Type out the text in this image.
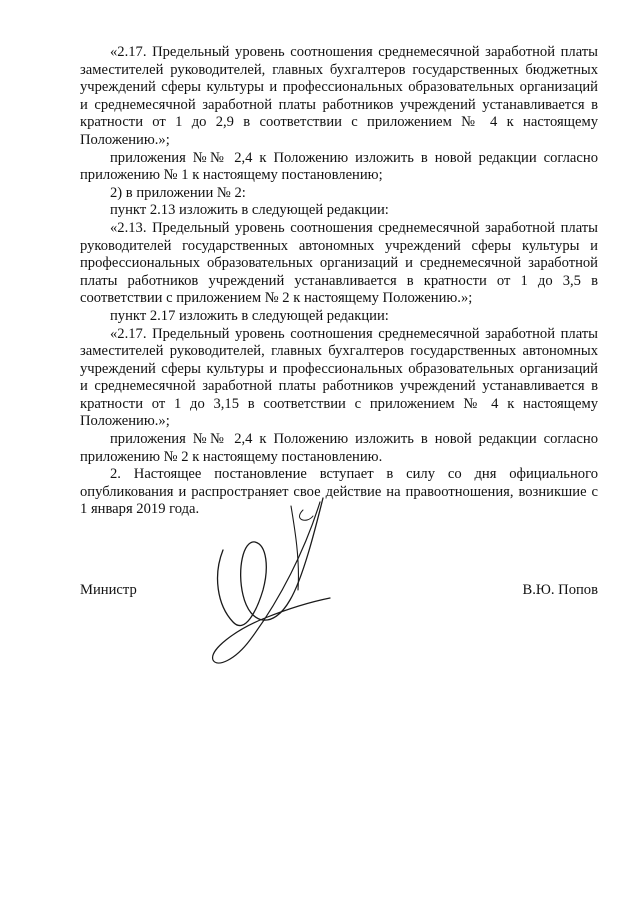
«2.17. Предельный уровень соотношения среднемесячной заработной платы заместителей руководителей, главных бухгалтеров государственных бюджетных учреждений сферы культуры и профессиональных образовательных организаций и среднемесячной заработной платы работников учреждений устанавливается в кратности от 1 до 2,9 в соответствии с приложением № 4 к настоящему Положению.»;

приложения №№ 2,4 к Положению изложить в новой редакции согласно приложению № 1 к настоящему постановлению;

2) в приложении № 2:

пункт 2.13 изложить в следующей редакции:

«2.13. Предельный уровень соотношения среднемесячной заработной платы руководителей государственных автономных учреждений сферы культуры и профессиональных образовательных организаций и среднемесячной заработной платы работников учреждений устанавливается в кратности от 1 до 3,5 в соответствии с приложением № 2 к настоящему Положению.»;

пункт 2.17 изложить в следующей редакции:

«2.17. Предельный уровень соотношения среднемесячной заработной платы заместителей руководителей, главных бухгалтеров государственных автономных учреждений сферы культуры и профессиональных образовательных организаций и среднемесячной заработной платы работников учреждений устанавливается в кратности от 1 до 3,15 в соответствии с приложением № 4 к настоящему Положению.»;

приложения №№ 2,4 к Положению изложить в новой редакции согласно приложению № 2 к настоящему постановлению.

2. Настоящее постановление вступает в силу со дня официального опубликования и распространяет свое действие на правоотношения, возникшие с 1 января 2019 года.

Министр	В.Ю. Попов
